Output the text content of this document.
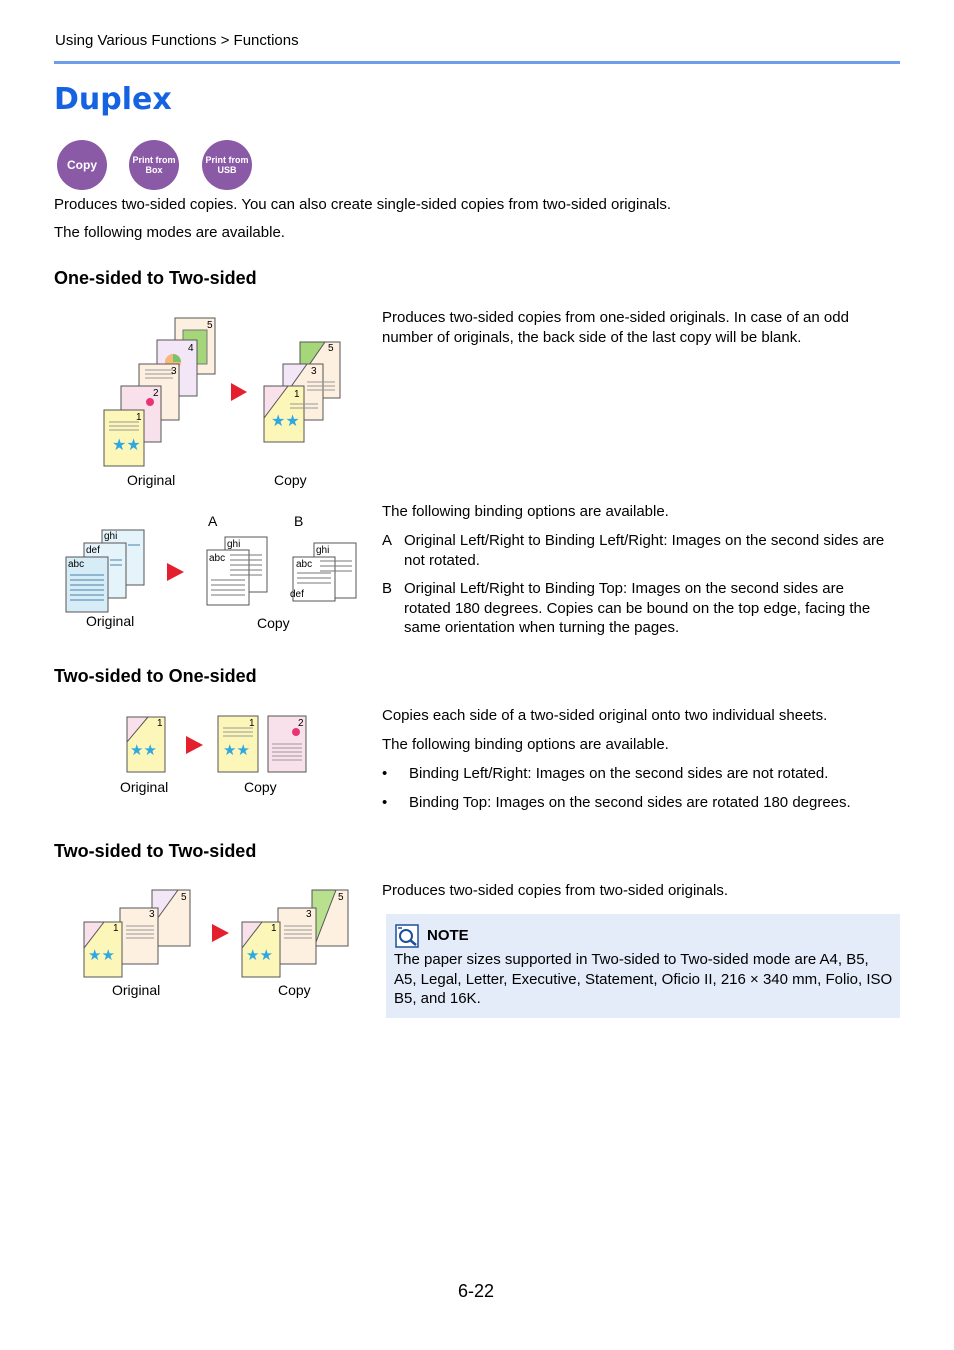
Using Various Functions > Functions
Duplex
Copy	Print from
Box
Print from
USB
Produces two-sided copies. You can also create single-sided copies from two-sided originals.
The following modes are available.
One-sided to Two-sided
Produces two-sided copies from one-sided originals. In case of an odd number of originals, the back side of the last copy will be blank.
★★
5
4
3
2
1	★★
5
3
1
Original	Copy
The following binding options are available.
A Original Left/Right to Binding Left/Right: Images on the second sides are not rotated.
B Original Left/Right to Binding Top: Images on the second sides are rotated 180 degrees. Copies can be bound on the top edge, facing the same orientation when turning the pages.
A	B
ghi
def
abc
ghi
abc
ghi
abc
def
Original	Copy
Two-sided to One-sided
Copies each side of a two-sided original onto two individual sheets.
The following binding options are available.
•	Binding Left/Right: Images on the second sides are not rotated.
•	Binding Top: Images on the second sides are rotated 180 degrees.
★★
1
★★
1	2
Original	Copy
Two-sided to Two-sided
Produces two-sided copies from two-sided originals.
★★
5
3
1
★★
5
3
1
Original	Copy
NOTE
The paper sizes supported in Two-sided to Two-sided mode are A4, B5, A5, Legal, Letter, Executive, Statement, Oficio II, 216 × 340 mm, Folio, ISO B5, and 16K.
6-22
